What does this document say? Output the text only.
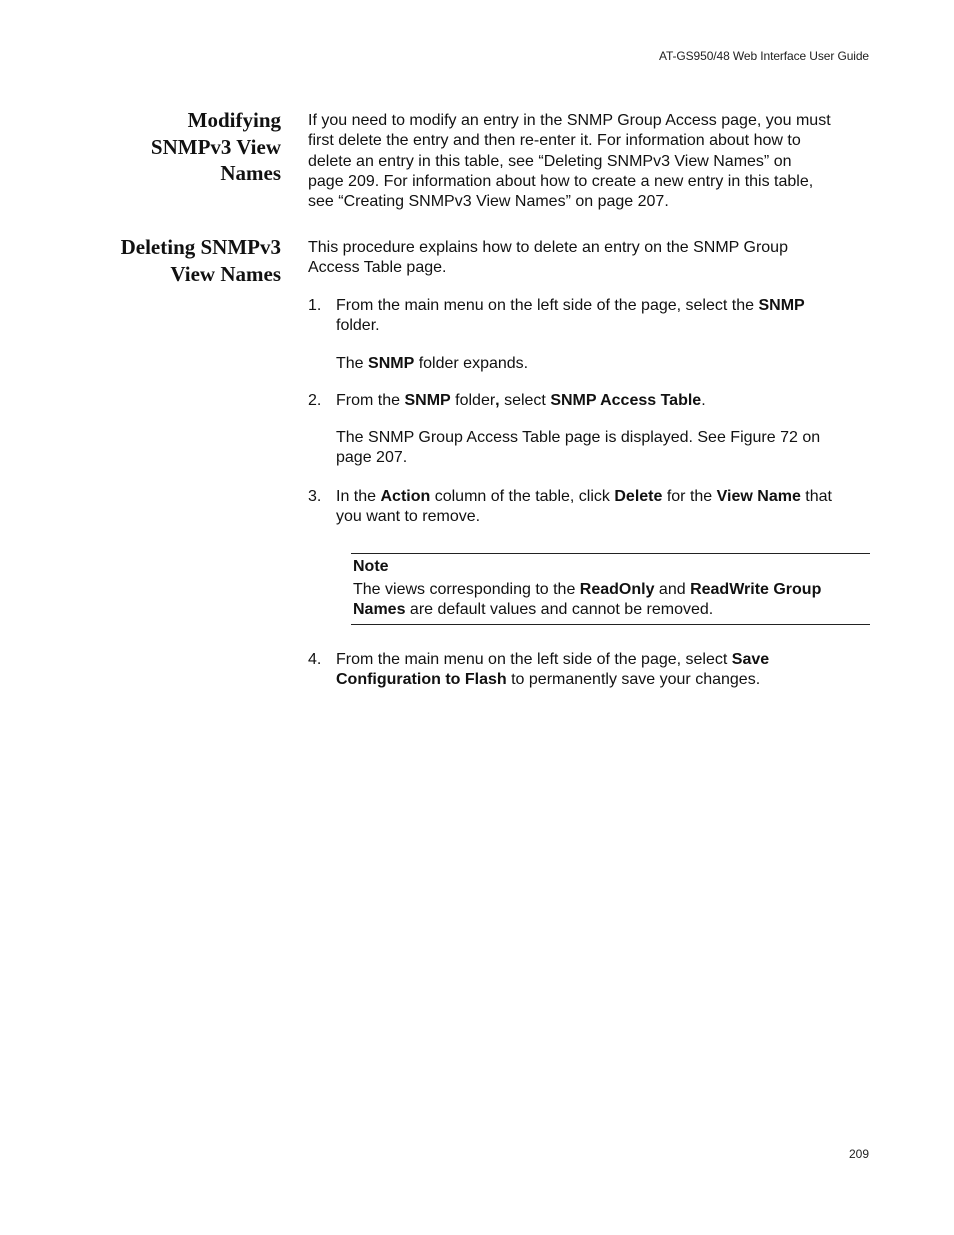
AT-GS950/48 Web Interface User Guide
Modifying
SNMPv3 View
Names
If you need to modify an entry in the SNMP Group Access page, you must
first delete the entry and then re-enter it. For information about how to
delete an entry in this table, see “Deleting SNMPv3 View Names” on
page 209. For information about how to create a new entry in this table,
see “Creating SNMPv3 View Names” on page 207.
Deleting SNMPv3
View Names
This procedure explains how to delete an entry on the SNMP Group
Access Table page.
1. From the main menu on the left side of the page, select the SNMP
folder.
The SNMP folder expands.
2. From the SNMP folder, select SNMP Access Table.
The SNMP Group Access Table page is displayed. See Figure 72 on
page 207.
3. In the Action column of the table, click Delete for the View Name that
you want to remove.
Note
The views corresponding to the ReadOnly and ReadWrite Group
Names are default values and cannot be removed.
4. From the main menu on the left side of the page, select Save
Configuration to Flash to permanently save your changes.
209
